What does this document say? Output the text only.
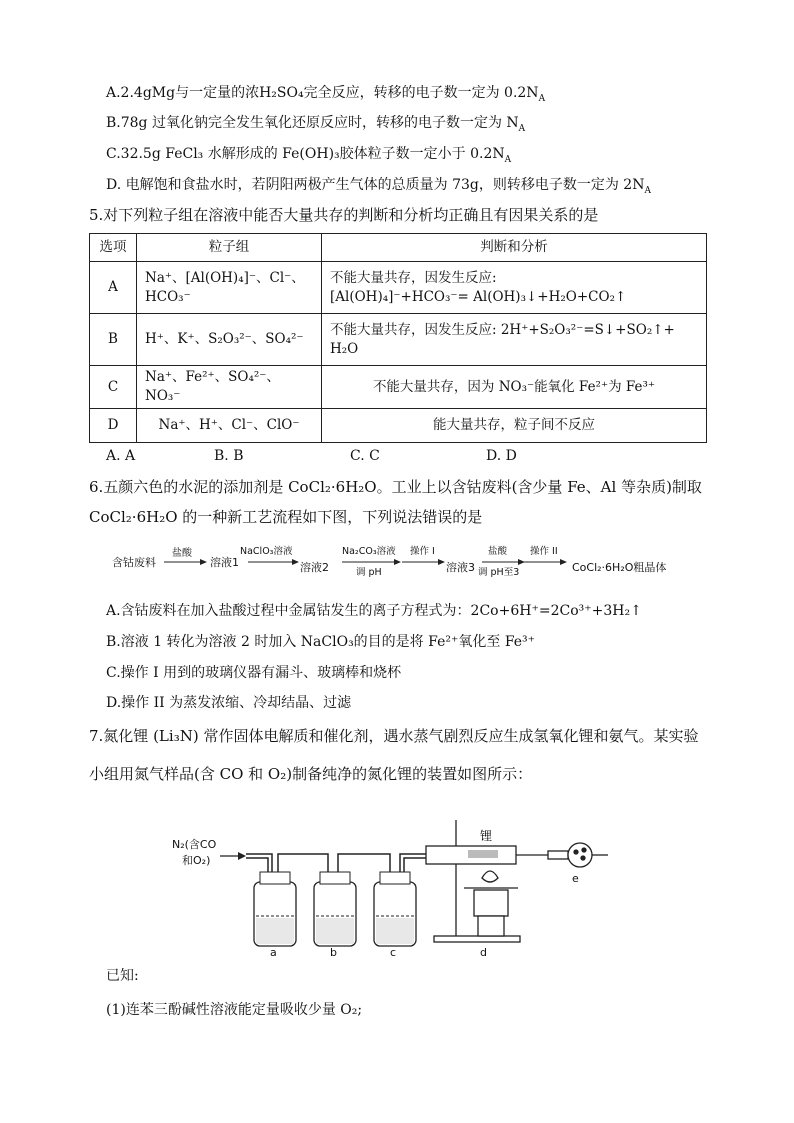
A.2.4gMg与一定量的浓H₂SO₄完全反应，转移的电子数一定为 $0.2N_A$
B.78g 过氧化钠完全发生氧化还原反应时，转移的电子数一定为 $N_A$
C.32.5g FeCl₃ 水解形成的 Fe(OH)₃胶体粒子数一定小于 $0.2N_A$
D. 电解饱和食盐水时，若阴阳两极产生气体的总质量为 73g，则转移电子数一定为 $2N_A$
5.对下列粒子组在溶液中能否大量共存的判断和分析均正确且有因果关系的是
选项	粒子组	判断和分析
A	Na⁺、[Al(OH)₄]⁻、Cl⁻、HCO₃⁻	不能大量共存，因发生反应:
[Al(OH)₄]⁻+HCO₃⁻= Al(OH)₃↓+H₂O+CO₂↑

B	H⁺、K⁺、S₂O₃²⁻、SO₄²⁻	不能大量共存，因发生反应: 2H⁺+S₂O₃²⁻=S↓+SO₂↑+
H₂O

C	Na⁺、Fe²⁺、SO₄²⁻、NO₃⁻	不能大量共存，因为 NO₃⁻能氧化 Fe²⁺为 Fe³⁺
D	Na⁺、H⁺、Cl⁻、ClO⁻	能大量共存，粒子间不反应
A. A	B. B	C. C	D. D
6.五颜六色的水泥的添加剂是 CoCl₂·6H₂O。工业上以含钴废料(含少量 Fe、Al 等杂质)制取
CoCl₂·6H₂O 的一种新工艺流程如下图，下列说法错误的是
含钴废料
盐酸
溶液1
NaClO₃溶液
溶液2
Na₂CO₃溶液
调 pH
操作 I
溶液3
盐酸
调 pH至3
操作 II
CoCl₂·6H₂O粗晶体
A.含钴废料在加入盐酸过程中金属钴发生的离子方程式为：2Co+6H⁺=2Co³⁺+3H₂↑
B.溶液 1 转化为溶液 2 时加入 NaClO₃的目的是将 Fe²⁺氧化至 Fe³⁺
C.操作 I 用到的玻璃仪器有漏斗、玻璃棒和烧杯
D.操作 II 为蒸发浓缩、冷却结晶、过滤
7.氮化锂 (Li₃N) 常作固体电解质和催化剂，遇水蒸气剧烈反应生成氢氧化锂和氨气。某实验
小组用氮气样品(含 CO 和 O₂)制备纯净的氮化锂的装置如图所示：
N₂(含CO
和O₂)
锂
a	b	c	d
e
已知:
(1)连苯三酚碱性溶液能定量吸收少量 O₂;
